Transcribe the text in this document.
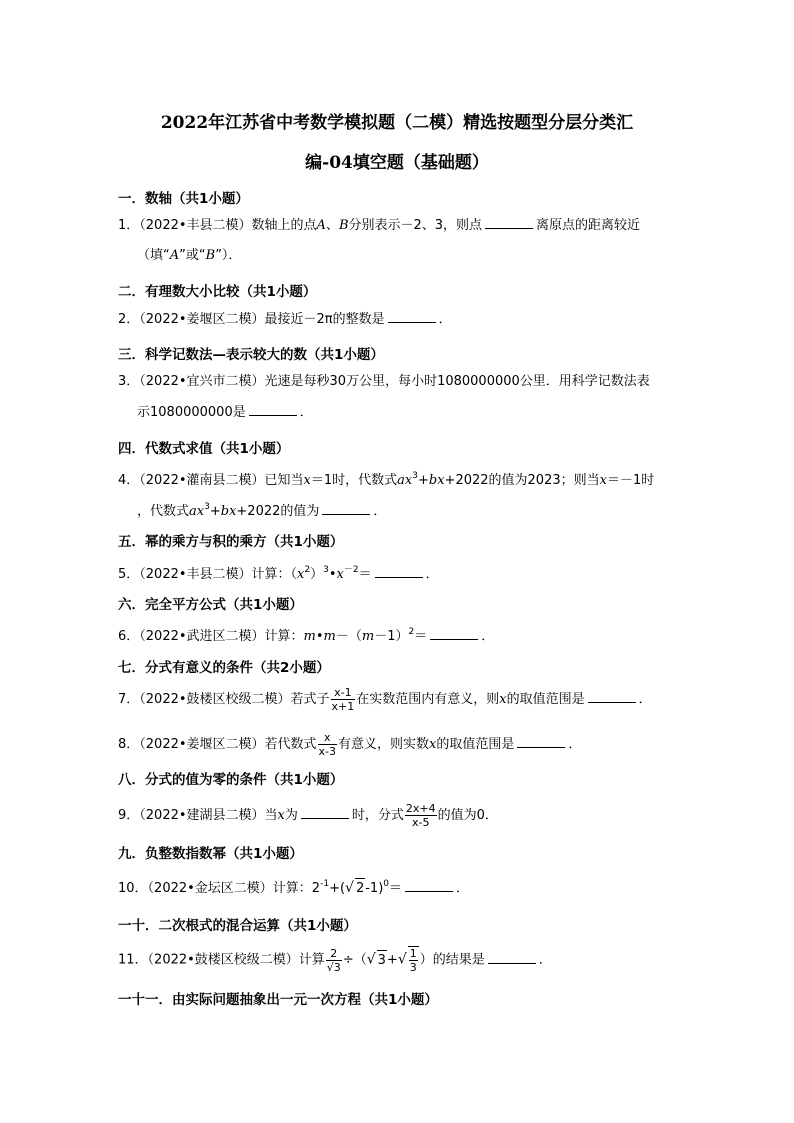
2022年江苏省中考数学模拟题（二模）精选按题型分层分类汇
编-04填空题（基础题）
一．数轴（共1小题）
1．（2022•丰县二模）数轴上的点A、B分别表示－2、3，则点	离原点的距离较近
（填“A”或“B”）．
二．有理数大小比较（共1小题）
2．（2022•姜堰区二模）最接近－2π的整数是	．
三．科学记数法—表示较大的数（共1小题）
3．（2022•宜兴市二模）光速是每秒30万公里，每小时1080000000公里．用科学记数法表
示1080000000是	．
四．代数式求值（共1小题）
4．（2022•灌南县二模）已知当x＝1时，代数式$ax^3+bx+2022$的值为2023；则当x＝－1时
，代数式$ax^3+bx+2022$的值为	．
五．幂的乘方与积的乘方（共1小题）
5．（2022•丰县二模）计算：$(x^2)^3•x^{-2}=$	．
六．完全平方公式（共1小题）
6．（2022•武进区二模）计算：$m•m-(m-1)^2=$	．
七．分式有意义的条件（共2小题）
7．（2022•鼓楼区校级二模）若式子 $\frac{x-1}{x+1}$ 在实数范围内有意义，则x的取值范围是	．
8．（2022•姜堰区二模）若代数式 $\frac{x}{x-3}$ 有意义，则实数x的取值范围是	．
八．分式的值为零的条件（共1小题）
9．（2022•建湖县二模）当x为	时，分式 $\frac{2x+4}{x-5}$ 的值为0．
九．负整数指数幂（共1小题）
10．（2022•金坛区二模）计算：$2^{-1}+(√$ 2-1)$^0$＝	．
一十．二次根式的混合运算（共1小题）
11．（2022•鼓楼区校级二模）计算 $\frac{2}{√3}$ ÷（√ $3+√ \frac{1}{3}$ ）的结果是	．
一十一．由实际问题抽象出一元一次方程（共1小题）
